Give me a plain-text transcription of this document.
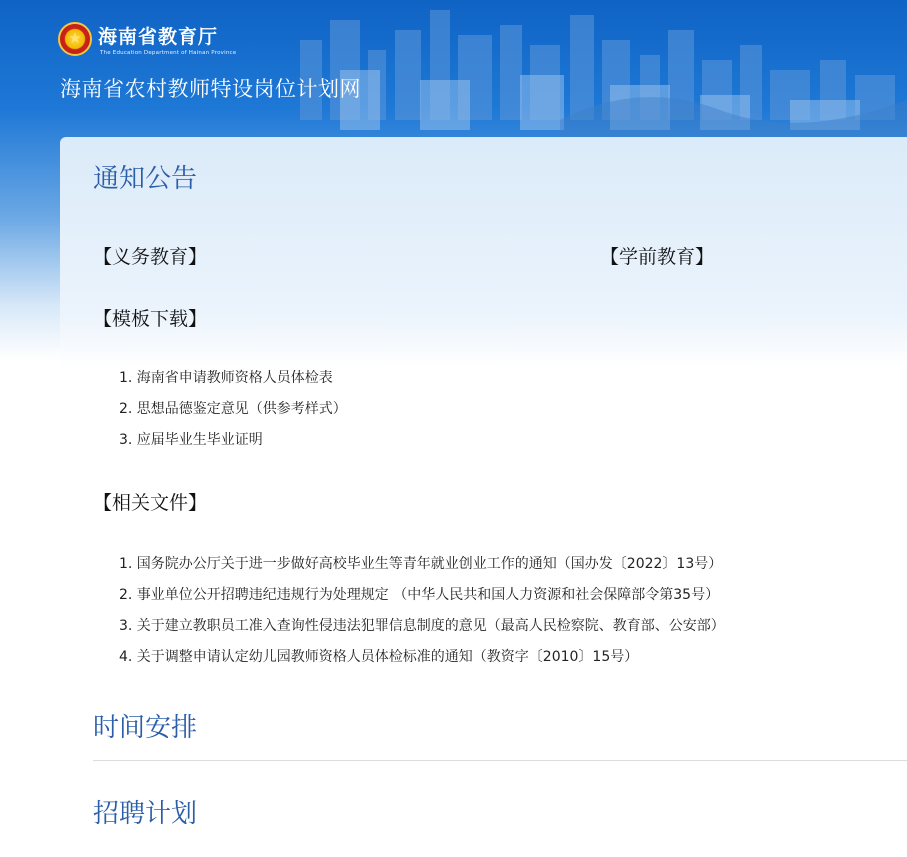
★
海南省教育厅
The Education Department of Hainan Province
海南省农村教师特设岗位计划网
通知公告
【义务教育】	【学前教育】
【模板下载】
1. 海南省申请教师资格人员体检表
2. 思想品德鉴定意见（供参考样式）
3. 应届毕业生毕业证明
【相关文件】
1. 国务院办公厅关于进一步做好高校毕业生等青年就业创业工作的通知（国办发〔2022〕13号）
2. 事业单位公开招聘违纪违规行为处理规定 （中华人民共和国人力资源和社会保障部令第35号）
3. 关于建立教职员工准入查询性侵违法犯罪信息制度的意见（最高人民检察院、教育部、公安部）
4. 关于调整申请认定幼儿园教师资格人员体检标准的通知（教资字〔2010〕15号）
时间安排
招聘计划
